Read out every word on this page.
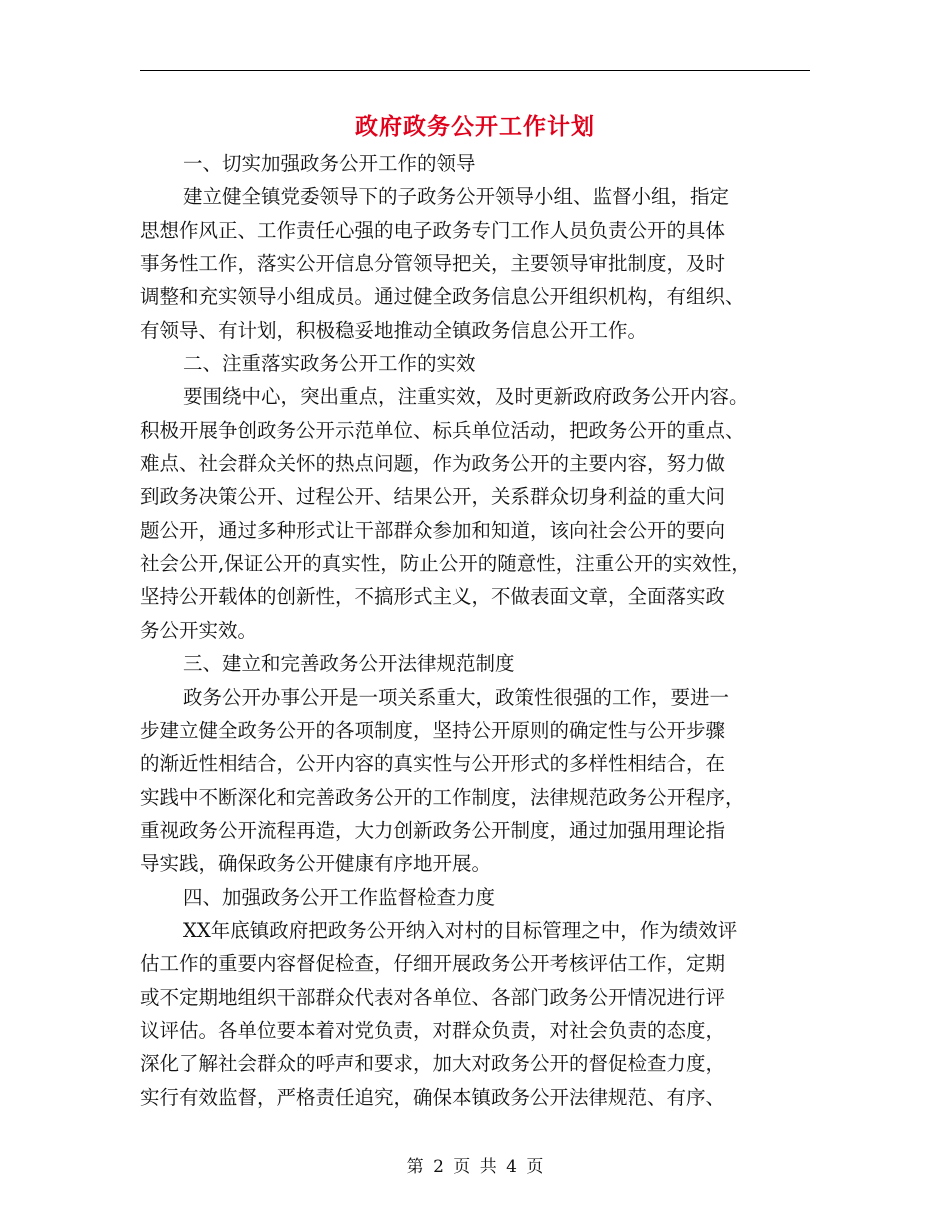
政府政务公开工作计划
一、切实加强政务公开工作的领导
建立健全镇党委领导下的子政务公开领导小组、监督小组，指定
思想作风正、工作责任心强的电子政务专门工作人员负责公开的具体
事务性工作，落实公开信息分管领导把关，主要领导审批制度，及时
调整和充实领导小组成员。通过健全政务信息公开组织机构，有组织、
有领导、有计划，积极稳妥地推动全镇政务信息公开工作。
二、注重落实政务公开工作的实效
要围绕中心，突出重点，注重实效，及时更新政府政务公开内容。
积极开展争创政务公开示范单位、标兵单位活动，把政务公开的重点、
难点、社会群众关怀的热点问题，作为政务公开的主要内容，努力做
到政务决策公开、过程公开、结果公开，关系群众切身利益的重大问
题公开，通过多种形式让干部群众参加和知道，该向社会公开的要向
社会公开,保证公开的真实性，防止公开的随意性，注重公开的实效性，
坚持公开载体的创新性，不搞形式主义，不做表面文章，全面落实政
务公开实效。
三、建立和完善政务公开法律规范制度
政务公开办事公开是一项关系重大，政策性很强的工作，要进一
步建立健全政务公开的各项制度，坚持公开原则的确定性与公开步骤
的渐近性相结合，公开内容的真实性与公开形式的多样性相结合，在
实践中不断深化和完善政务公开的工作制度，法律规范政务公开程序，
重视政务公开流程再造，大力创新政务公开制度，通过加强用理论指
导实践，确保政务公开健康有序地开展。
四、加强政务公开工作监督检查力度
XX年底镇政府把政务公开纳入对村的目标管理之中，作为绩效评
估工作的重要内容督促检查，仔细开展政务公开考核评估工作，定期
或不定期地组织干部群众代表对各单位、各部门政务公开情况进行评
议评估。各单位要本着对党负责，对群众负责，对社会负责的态度，
深化了解社会群众的呼声和要求，加大对政务公开的督促检查力度，
实行有效监督，严格责任追究，确保本镇政务公开法律规范、有序、
第 2 页 共 4 页
